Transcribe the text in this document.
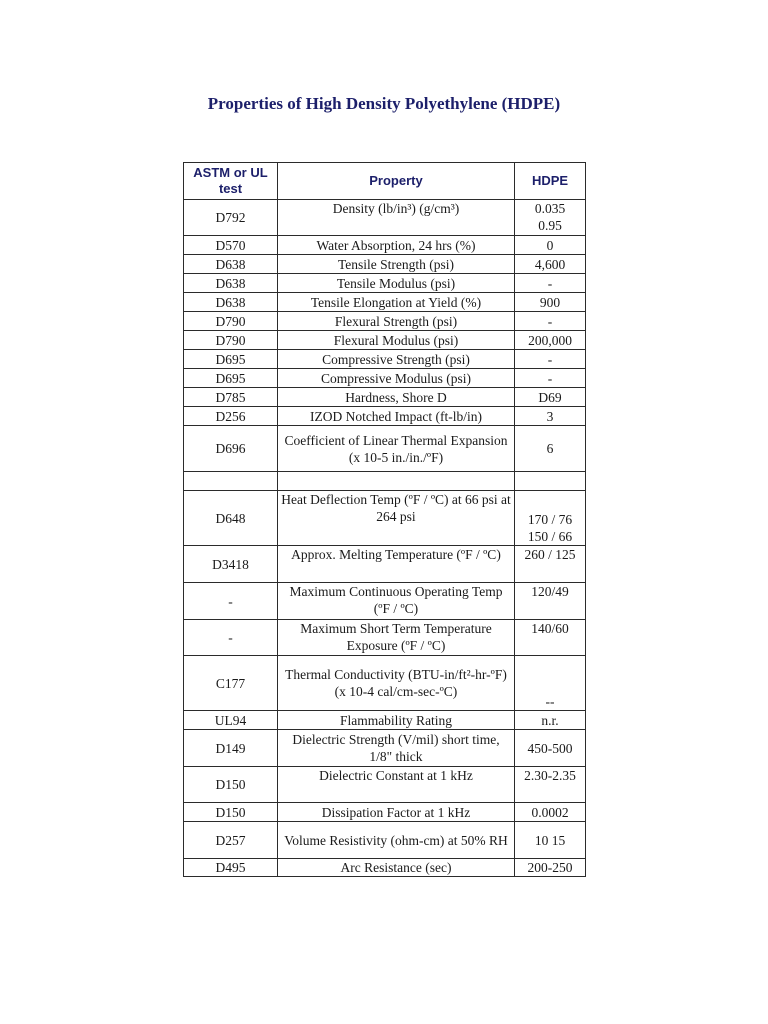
Properties of High Density Polyethylene (HDPE)
ASTM or UL test	Property	HDPE
D792	Density (lb/in³) (g/cm³)	0.035
0.95
D570	Water Absorption, 24 hrs (%)	0
D638	Tensile Strength (psi)	4,600
D638	Tensile Modulus (psi)	-
D638	Tensile Elongation at Yield (%)	900
D790	Flexural Strength (psi)	-
D790	Flexural Modulus (psi)	200,000
D695	Compressive Strength (psi)	-
D695	Compressive Modulus (psi)	-
D785	Hardness, Shore D	D69
D256	IZOD Notched Impact (ft-lb/in)	3
D696	Coefficient of Linear Thermal Expansion (x 10-5 in./in./ºF)	6

D648	Heat Deflection Temp (ºF / ºC) at 66 psi at 264 psi	170 / 76
150 / 66
D3418	Approx. Melting Temperature (ºF / ºC)	260 / 125
-	Maximum Continuous Operating Temp (ºF / ºC)	120/49
-	Maximum Short Term Temperature Exposure (ºF / ºC)	140/60
C177	Thermal Conductivity (BTU-in/ft²-hr-ºF) (x 10-4 cal/cm-sec-ºC)	--
UL94	Flammability Rating	n.r.
D149	Dielectric Strength (V/mil) short time, 1/8" thick	450-500
D150	Dielectric Constant at 1 kHz	2.30-2.35
D150	Dissipation Factor at 1 kHz	0.0002
D257	Volume Resistivity (ohm-cm) at 50% RH	10 15
D495	Arc Resistance (sec)	200-250
